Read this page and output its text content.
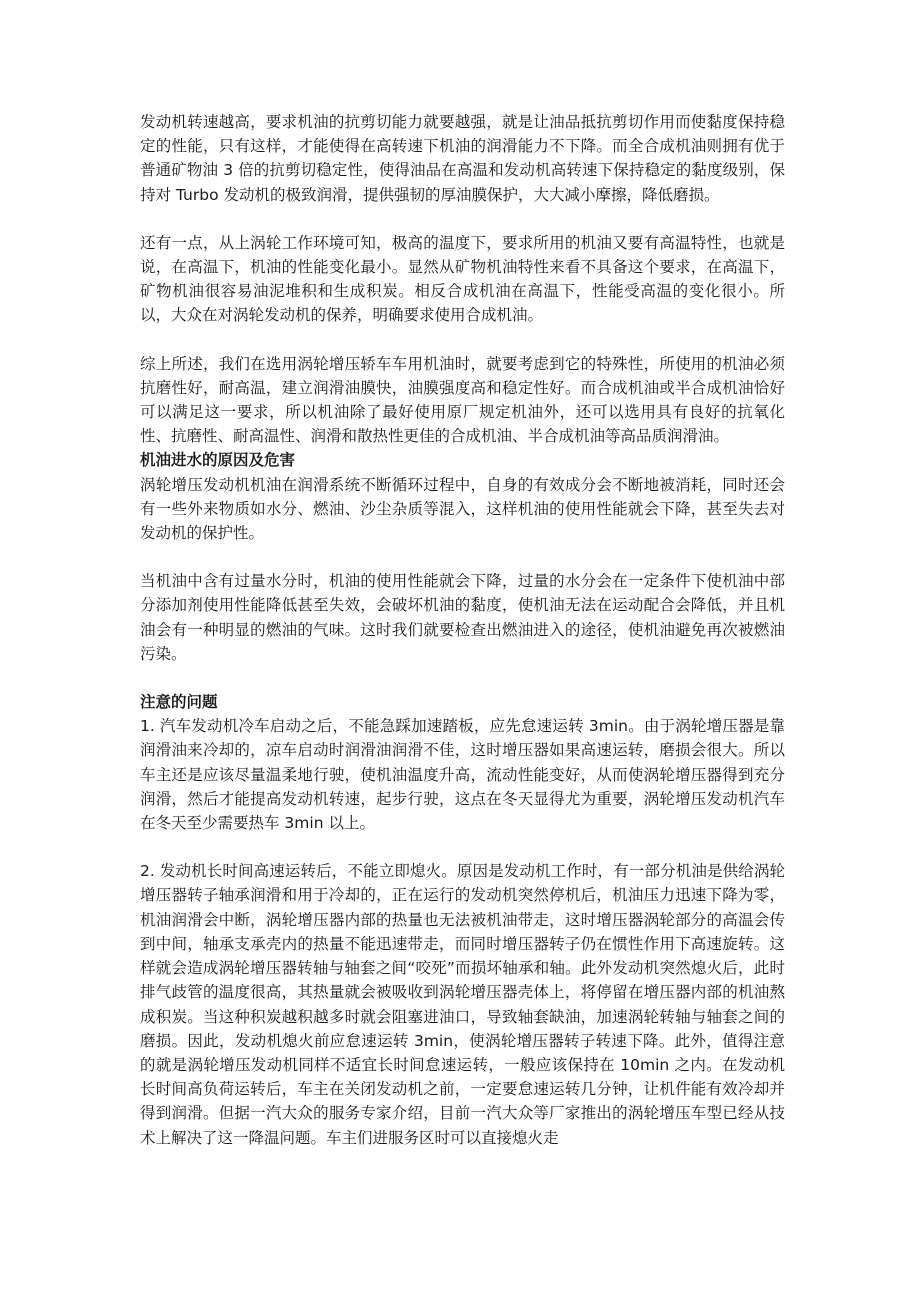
发动机转速越高，要求机油的抗剪切能力就要越强，就是让油品抵抗剪切作用而使黏度保持稳定的性能，只有这样，才能使得在高转速下机油的润滑能力不下降。而全合成机油则拥有优于普通矿物油 3 倍的抗剪切稳定性，使得油品在高温和发动机高转速下保持稳定的黏度级别，保持对 Turbo 发动机的极致润滑，提供强韧的厚油膜保护，大大减小摩擦，降低磨损。

还有一点，从上涡轮工作环境可知，极高的温度下，要求所用的机油又要有高温特性，也就是说，在高温下，机油的性能变化最小。显然从矿物机油特性来看不具备这个要求，在高温下，矿物机油很容易油泥堆积和生成积炭。相反合成机油在高温下，性能受高温的变化很小。所以，大众在对涡轮发动机的保养，明确要求使用合成机油。

综上所述，我们在选用涡轮增压轿车车用机油时，就要考虑到它的特殊性，所使用的机油必须抗磨性好，耐高温，建立润滑油膜快，油膜强度高和稳定性好。而合成机油或半合成机油恰好可以满足这一要求，所以机油除了最好使用原厂规定机油外，还可以选用具有良好的抗氧化性、抗磨性、耐高温性、润滑和散热性更佳的合成机油、半合成机油等高品质润滑油。

机油进水的原因及危害

涡轮增压发动机机油在润滑系统不断循环过程中，自身的有效成分会不断地被消耗，同时还会有一些外来物质如水分、燃油、沙尘杂质等混入，这样机油的使用性能就会下降，甚至失去对发动机的保护性。

当机油中含有过量水分时，机油的使用性能就会下降，过量的水分会在一定条件下使机油中部分添加剂使用性能降低甚至失效，会破坏机油的黏度，使机油无法在运动配合会降低，并且机油会有一种明显的燃油的气味。这时我们就要检查出燃油进入的途径，使机油避免再次被燃油污染。

注意的问题

1. 汽车发动机冷车启动之后，不能急踩加速踏板，应先怠速运转 3min。由于涡轮增压器是靠润滑油来冷却的，凉车启动时润滑油润滑不佳，这时增压器如果高速运转，磨损会很大。所以车主还是应该尽量温柔地行驶，使机油温度升高，流动性能变好，从而使涡轮增压器得到充分润滑，然后才能提高发动机转速，起步行驶，这点在冬天显得尤为重要，涡轮增压发动机汽车在冬天至少需要热车 3min 以上。

2. 发动机长时间高速运转后，不能立即熄火。原因是发动机工作时，有一部分机油是供给涡轮增压器转子轴承润滑和用于冷却的，正在运行的发动机突然停机后，机油压力迅速下降为零，机油润滑会中断，涡轮增压器内部的热量也无法被机油带走，这时增压器涡轮部分的高温会传到中间，轴承支承壳内的热量不能迅速带走，而同时增压器转子仍在惯性作用下高速旋转。这样就会造成涡轮增压器转轴与轴套之间“咬死”而损坏轴承和轴。此外发动机突然熄火后，此时排气歧管的温度很高，其热量就会被吸收到涡轮增压器壳体上，将停留在增压器内部的机油熬成积炭。当这种积炭越积越多时就会阻塞进油口，导致轴套缺油，加速涡轮转轴与轴套之间的磨损。因此，发动机熄火前应怠速运转 3min，使涡轮增压器转子转速下降。此外，值得注意的就是涡轮增压发动机同样不适宜长时间怠速运转，一般应该保持在 10min 之内。在发动机长时间高负荷运转后，车主在关闭发动机之前，一定要怠速运转几分钟，让机件能有效冷却并得到润滑。但据一汽大众的服务专家介绍，目前一汽大众等厂家推出的涡轮增压车型已经从技术上解决了这一降温问题。车主们进服务区时可以直接熄火走
